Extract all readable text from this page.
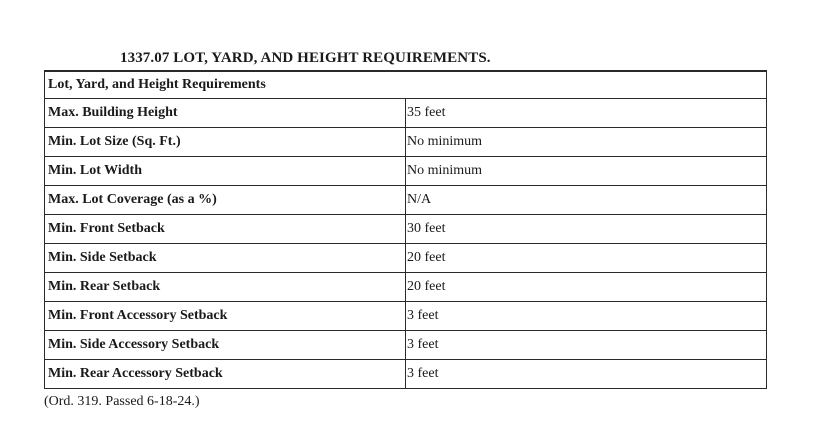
1337.07 LOT, YARD, AND HEIGHT REQUIREMENTS.
Lot, Yard, and Height Requirements	
Max. Building Height	35 feet
Min. Lot Size (Sq. Ft.)	No minimum
Min. Lot Width	No minimum
Max. Lot Coverage (as a %)	N/A
Min. Front Setback	30 feet
Min. Side Setback	20 feet
Min. Rear Setback	20 feet
Min. Front Accessory Setback	3 feet
Min. Side Accessory Setback	3 feet
Min. Rear Accessory Setback	3 feet
(Ord. 319. Passed 6-18-24.)
